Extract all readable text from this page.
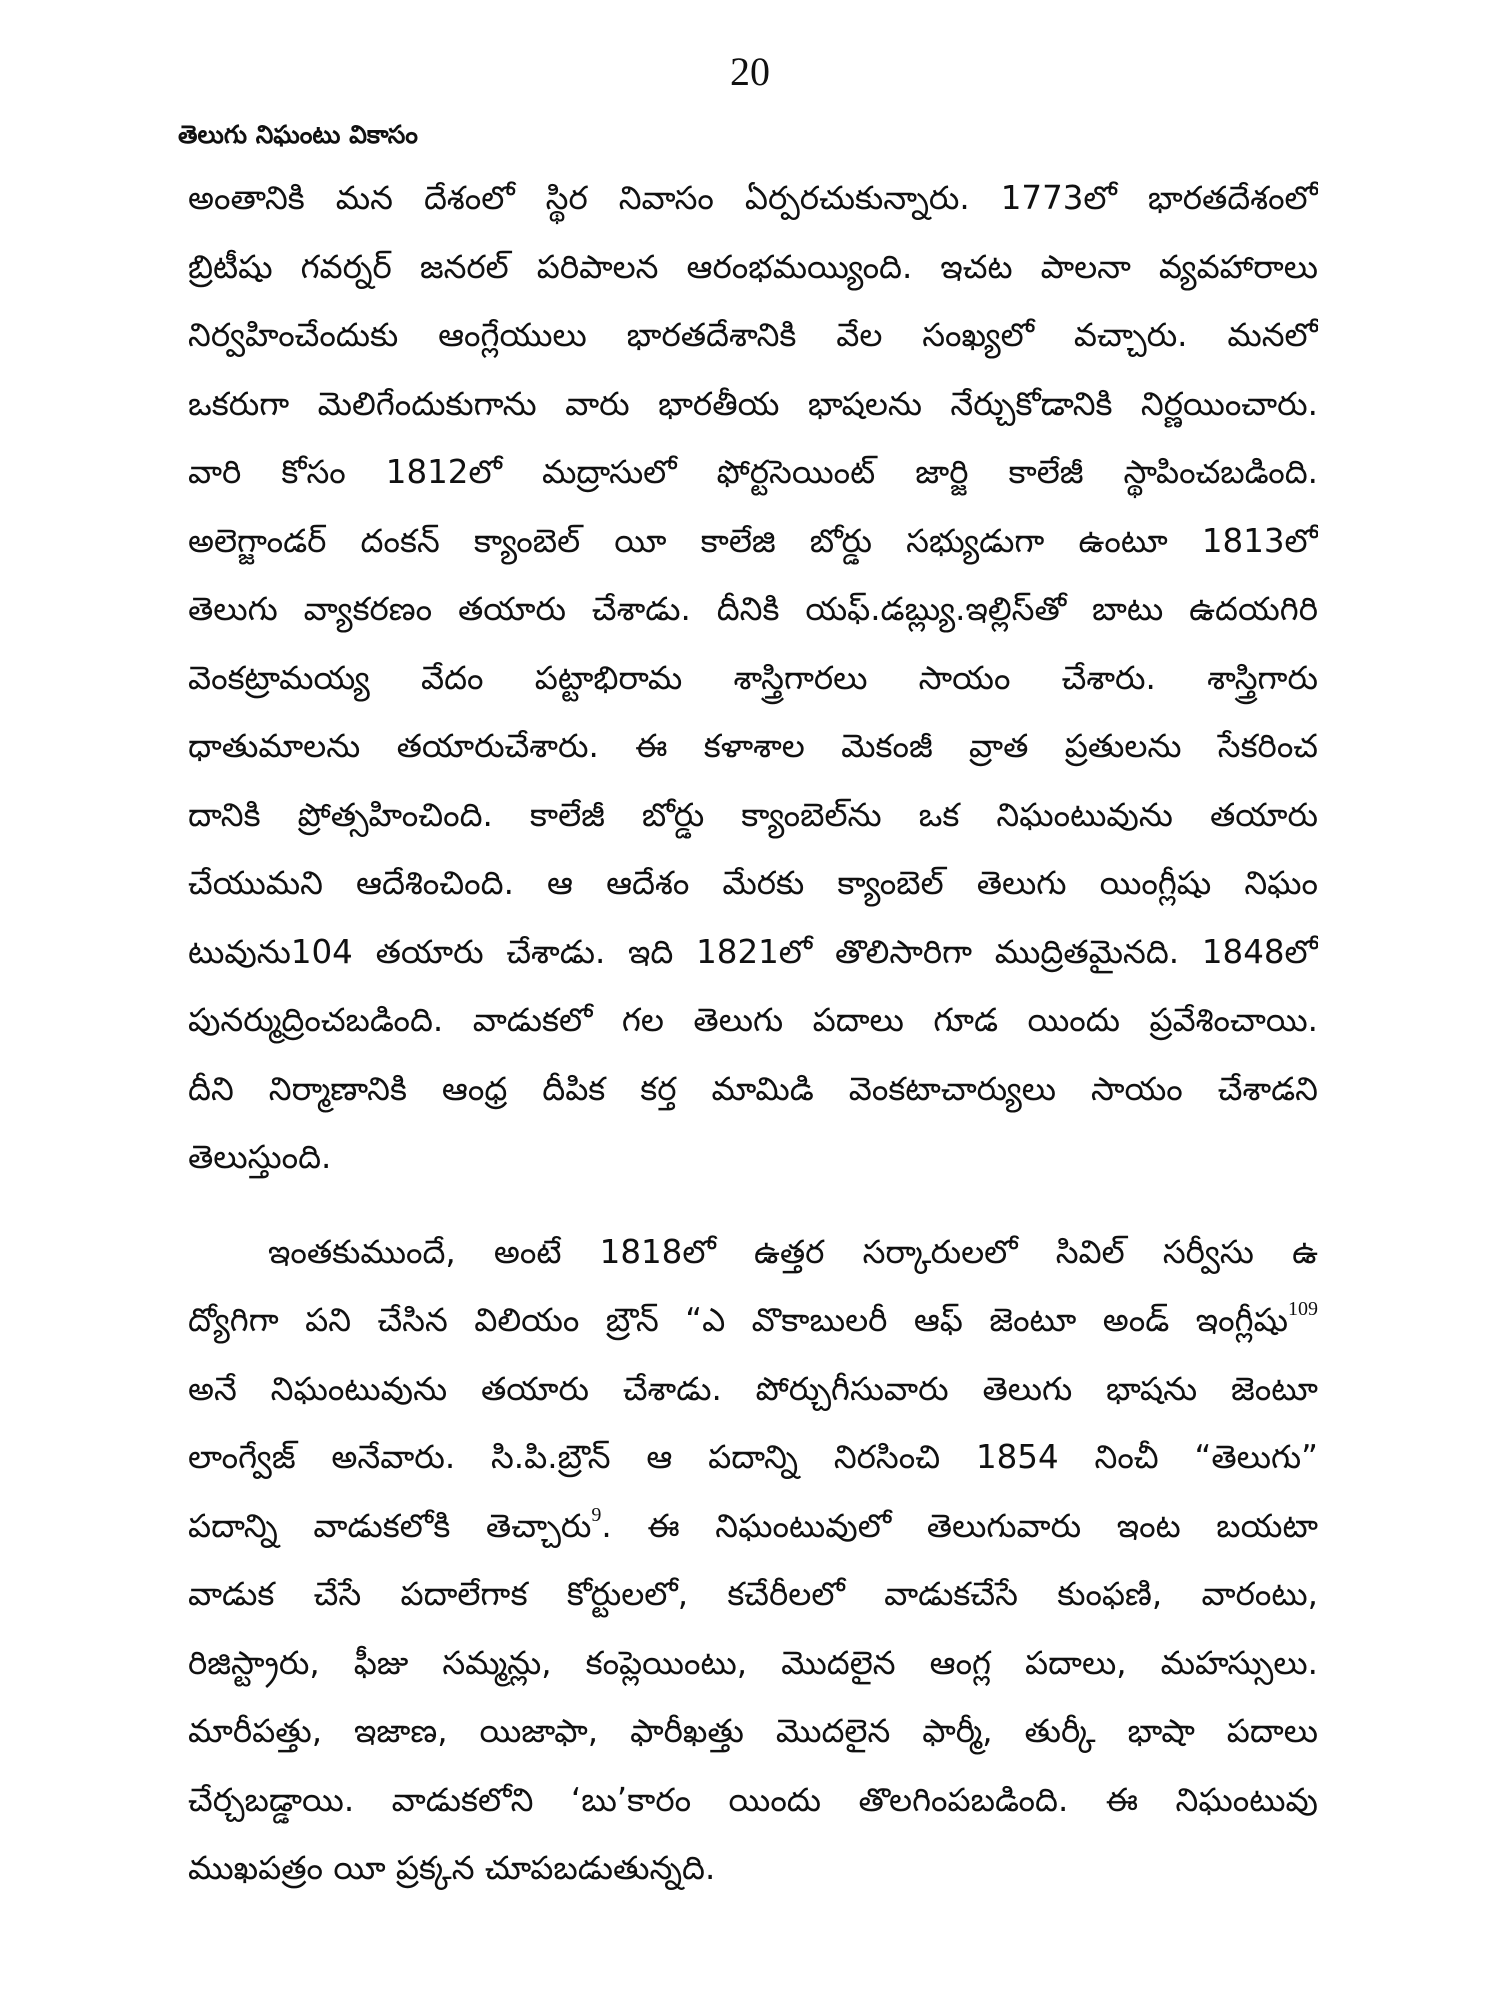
20
తెలుగు నిఘంటు వికాసం
అంతానికి మన దేశంలో స్థిర నివాసం ఏర్పరచుకున్నారు. 1773లో భారతదేశంలో
బ్రిటీషు గవర్నర్ జనరల్ పరిపాలన ఆరంభమయ్యింది. ఇచట పాలనా వ్యవహారాలు
నిర్వహించేందుకు ఆంగ్లేయులు భారతదేశానికి వేల సంఖ్యలో వచ్చారు. మనలో
ఒకరుగా మెలిగేందుకుగాను వారు భారతీయ భాషలను నేర్చుకోడానికి నిర్ణయించారు.
వారి కోసం 1812లో మద్రాసులో ఫోర్టసెయింట్ జార్జి కాలేజీ స్థాపించబడింది.
అలెగ్జాండర్ దంకన్ క్యాంబెల్ యీ కాలేజి బోర్డు సభ్యుడుగా ఉంటూ 1813లో
తెలుగు వ్యాకరణం తయారు చేశాడు. దీనికి యఫ్.డబ్ల్యు.ఇల్లిస్‌తో బాటు ఉదయగిరి
వెంకట్రామయ్య వేదం పట్టాభిరామ శాస్త్రిగారలు సాయం చేశారు. శాస్త్రిగారు
ధాతుమాలను తయారుచేశారు. ఈ కళాశాల మెకంజీ వ్రాత ప్రతులను సేకరించ
దానికి ప్రోత్సహించింది. కాలేజీ బోర్డు క్యాంబెల్‌ను ఒక నిఘంటువును తయారు
చేయుమని ఆదేశించింది. ఆ ఆదేశం మేరకు క్యాంబెల్ తెలుగు యింగ్లీషు నిఘం
టువును104 తయారు చేశాడు. ఇది 1821లో తొలిసారిగా ముద్రితమైనది. 1848లో
పునర్ముద్రించబడింది. వాడుకలో గల తెలుగు పదాలు గూడ యిందు ప్రవేశించాయి.
దీని నిర్మాణానికి ఆంధ్ర దీపిక కర్త మామిడి వెంకటాచార్యులు సాయం చేశాడని
తెలుస్తుంది.
ఇంతకుముందే, అంటే 1818లో ఉత్తర సర్కారులలో సివిల్ సర్వీసు ఉ
ద్యోగిగా పని చేసిన విలియం బ్రౌన్ “ఎ వొకాబులరీ ఆఫ్ జెంటూ అండ్ ఇంగ్లీషు$^{109}$
అనే నిఘంటువును తయారు చేశాడు. పోర్చుగీసువారు తెలుగు భాషను జెంటూ
లాంగ్వేజ్ అనేవారు. సి.పి.బ్రౌన్ ఆ పదాన్ని నిరసించి 1854 నించీ “తెలుగు”
పదాన్ని వాడుకలోకి తెచ్చారు$^9$. ఈ నిఘంటువులో తెలుగువారు ఇంట బయటా
వాడుక చేసే పదాలేగాక కోర్టులలో, కచేరీలలో వాడుకచేసే కుంఫణి, వారంటు,
రిజిస్ట్రారు, ఫీజు సమ్మన్లు, కంప్లెయింటు, మొదలైన ఆంగ్ల పదాలు, మహస్సులు.
మారీపత్తు, ఇజాణ, యిజాఫా, ఫారీఖత్తు మొదలైన ఫార్మీ, తుర్కీ భాషా పదాలు
చేర్చబడ్డాయి. వాడుకలోని ‘బు’కారం యిందు తొలగింపబడింది. ఈ నిఘంటువు
ముఖపత్రం యీ ప్రక్కన చూపబడుతున్నది.
